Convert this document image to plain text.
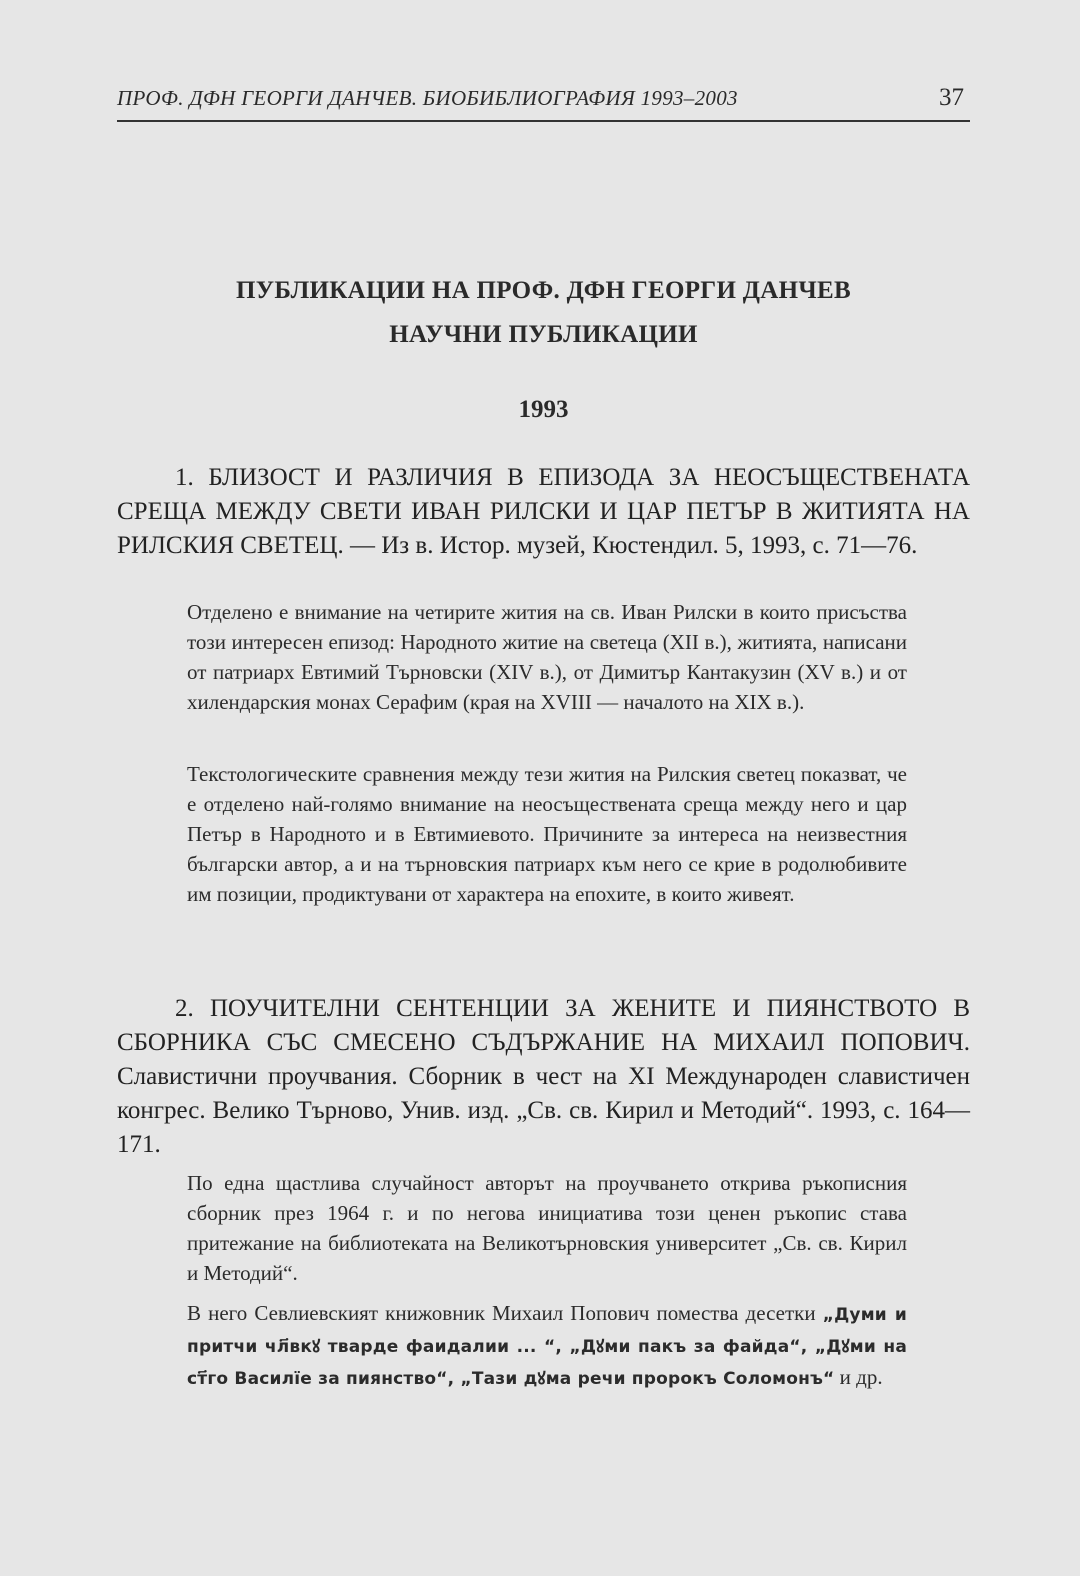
ПРОФ. ДФН ГЕОРГИ ДАНЧЕВ. БИОБИБЛИОГРАФИЯ 1993–2003	37
ПУБЛИКАЦИИ НА ПРОФ. ДФН ГЕОРГИ ДАНЧЕВ
НАУЧНИ ПУБЛИКАЦИИ
1993

1. БЛИЗОСТ И РАЗЛИЧИЯ В ЕПИЗОДА ЗА НЕОСЪЩЕСТВЕНАТА СРЕЩА МЕЖДУ СВЕТИ ИВАН РИЛСКИ И ЦАР ПЕТЪР В ЖИТИЯТА НА РИЛСКИЯ СВЕТЕЦ. — Из в. Истор. музей, Кюстендил. 5, 1993, с. 71—76.

Отделено е внимание на четирите жития на св. Иван Рилски в които присъства този интересен епизод: Народното житие на светеца (XII в.), житията, написани от патриарх Евтимий Търновски (XIV в.), от Димитър Кантакузин (XV в.) и от хилендарския монах Серафим (края на XVIII — началото на XIX в.).

Текстологическите сравнения между тези жития на Рилския светец показват, че е отделено най-голямо внимание на неосъществената среща между него и цар Петър в Народното и в Евтимиевото. Причините за интереса на неизвестния български автор, а и на търновския патриарх към него се крие в родолюбивите им позиции, продиктувани от характера на епохите, в които живеят.

2. ПОУЧИТЕЛНИ СЕНТЕНЦИИ ЗА ЖЕНИТЕ И ПИЯНСТВОТО В СБОРНИКА СЪС СМЕСЕНО СЪДЪРЖАНИЕ НА МИХАИЛ ПОПОВИЧ. Славистични проучвания. Сборник в чест на XI Международен славистичен конгрес. Велико Търново, Унив. изд. „Св. св. Кирил и Методий“. 1993, с. 164—171.

По една щастлива случайност авторът на проучването открива ръкописния сборник през 1964 г. и по негова инициатива този ценен ръкопис става притежание на библиотеката на Великотърновския университет „Св. св. Кирил и Методий“.

В него Севлиевският книжовник Михаил Попович помества десетки „Думи и притчи чл҃вкꙋ тварде фаидалии ... “, „Дꙋми пакъ за файда“, „Дꙋми на ст҃го Василїе за пиянство“, „Тази дꙋма речи пророкъ Соломонъ“ и др.
